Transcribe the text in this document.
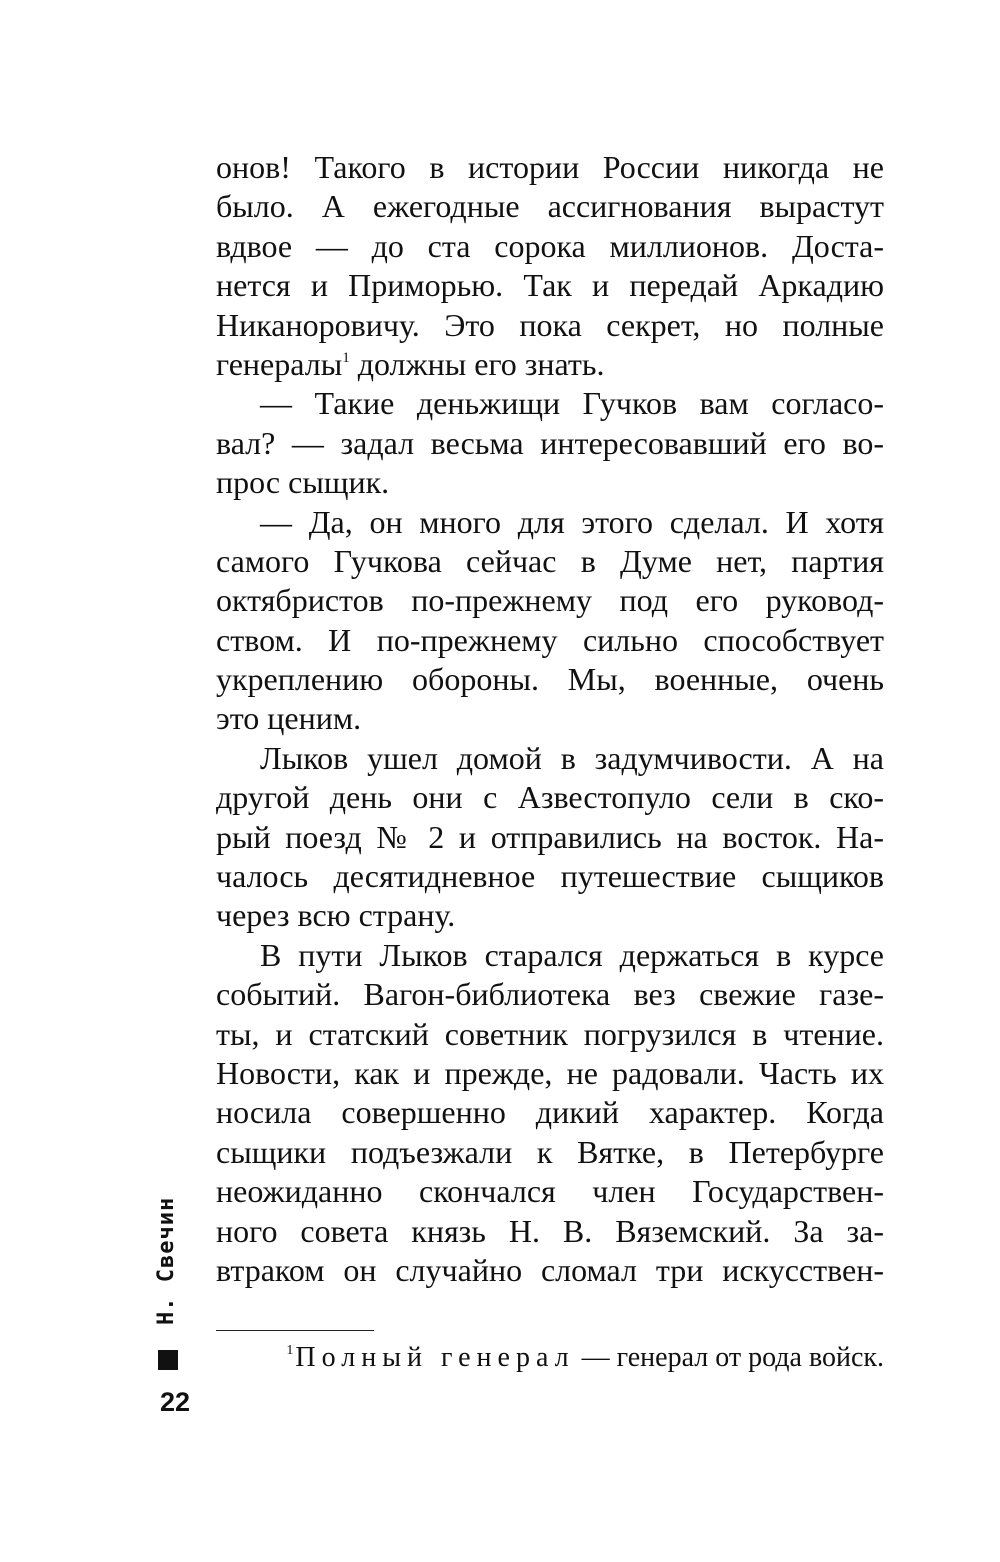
онов! Такого в истории России никогда не
было. А ежегодные ассигнования вырастут
вдвое — до ста сорока миллионов. Доста-
нется и Приморью. Так и передай Аркадию
Никаноровичу. Это пока секрет, но полные
генералы$^1$ должны его знать.
— Такие деньжищи Гучков вам согласо-
вал? — задал весьма интересовавший его во-
прос сыщик.
— Да, он много для этого сделал. И хотя
самого Гучкова сейчас в Думе нет, партия
октябристов по-прежнему под его руковод-
ством. И по-прежнему сильно способствует
укреплению обороны. Мы, военные, очень
это ценим.
Лыков ушел домой в задумчивости. А на
другой день они с Азвестопуло сели в ско-
рый поезд № 2 и отправились на восток. На-
чалось десятидневное путешествие сыщиков
через всю страну.
В пути Лыков старался держаться в курсе
событий. Вагон-библиотека вез свежие газе-
ты, и статский советник погрузился в чтение.
Новости, как и прежде, не радовали. Часть их
носила совершенно дикий характер. Когда
сыщики подъезжали к Вятке, в Петербурге
неожиданно скончался член Государствен-
ного совета князь Н. В. Вяземский. За за-
втраком он случайно сломал три искусствен-
$^1$Полный генерал — генерал от рода войск.
Н. Свечин
22
